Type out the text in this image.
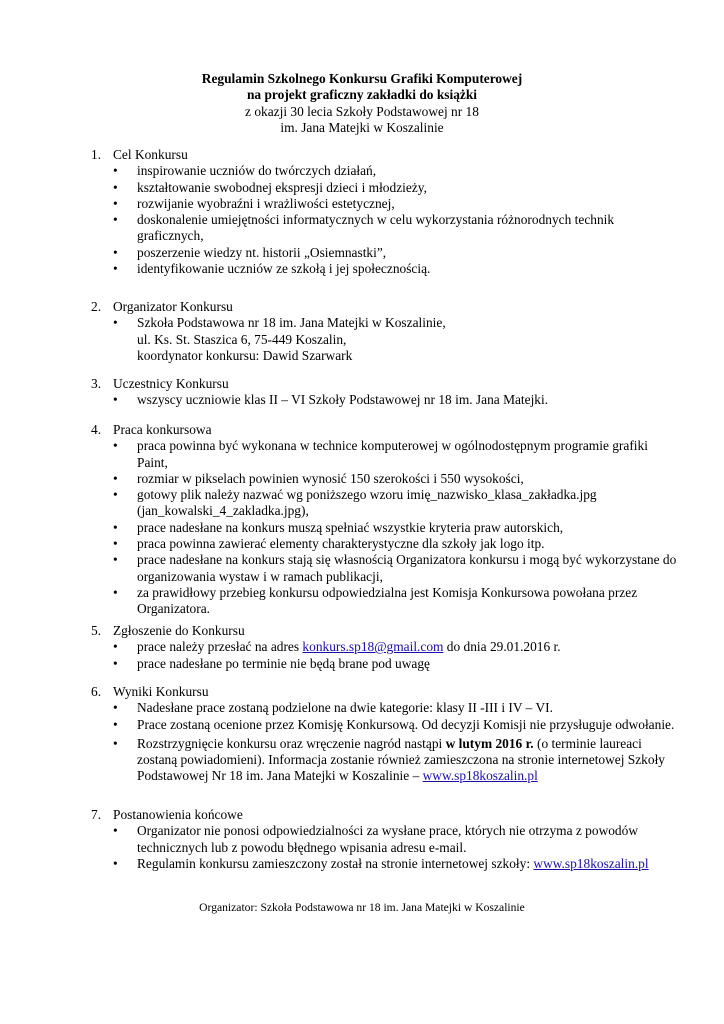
Regulamin Szkolnego Konkursu Grafiki Komputerowej
na projekt graficzny zakładki do książki
z okazji 30 lecia Szkoły Podstawowej nr 18
im. Jana Matejki w Koszalinie
1. Cel Konkursu
• inspirowanie uczniów do twórczych działań,
• kształtowanie swobodnej ekspresji dzieci i młodzieży,
• rozwijanie wyobraźni i wrażliwości estetycznej,
• doskonalenie umiejętności informatycznych w celu wykorzystania różnorodnych technik graficznych,
• poszerzenie wiedzy nt. historii „Osiemnastki”,
• identyfikowanie uczniów ze szkołą i jej społecznością.
2. Organizator Konkursu
• Szkoła Podstawowa nr 18 im. Jana Matejki w Koszalinie,
ul. Ks. St. Staszica 6, 75-449 Koszalin,
koordynator konkursu: Dawid Szarwark
3. Uczestnicy Konkursu
• wszyscy uczniowie klas II – VI Szkoły Podstawowej nr 18 im. Jana Matejki.
4. Praca konkursowa
• praca powinna być wykonana w technice komputerowej w ogólnodostępnym programie grafiki Paint,
• rozmiar w pikselach powinien wynosić 150 szerokości i 550 wysokości,
• gotowy plik należy nazwać wg poniższego wzoru imię_nazwisko_klasa_zakładka.jpg (jan_kowalski_4_zakladka.jpg),
• prace nadesłane na konkurs muszą spełniać wszystkie kryteria praw autorskich,
• praca powinna zawierać elementy charakterystyczne dla szkoły jak logo itp.
• prace nadesłane na konkurs stają się własnością Organizatora konkursu i mogą być wykorzystane do organizowania wystaw i w ramach publikacji,
• za prawidłowy przebieg konkursu odpowiedzialna jest Komisja Konkursowa powołana przez Organizatora.
5. Zgłoszenie do Konkursu
• prace należy przesłać na adres konkurs.sp18@gmail.com do dnia 29.01.2016 r.
• prace nadesłane po terminie nie będą brane pod uwagę
6. Wyniki Konkursu
• Nadesłane prace zostaną podzielone na dwie kategorie: klasy II -III i IV – VI.
• Prace zostaną ocenione przez Komisję Konkursową. Od decyzji Komisji nie przysługuje odwołanie.
• Rozstrzygnięcie konkursu oraz wręczenie nagród nastąpi w lutym 2016 r. (o terminie laureaci zostaną powiadomieni). Informacja zostanie również zamieszczona na stronie internetowej Szkoły Podstawowej Nr 18 im. Jana Matejki w Koszalinie – www.sp18koszalin.pl
7. Postanowienia końcowe
• Organizator nie ponosi odpowiedzialności za wysłane prace, których nie otrzyma z powodów technicznych lub z powodu błędnego wpisania adresu e-mail.
• Regulamin konkursu zamieszczony został na stronie internetowej szkoły: www.sp18koszalin.pl
Organizator: Szkoła Podstawowa nr 18 im. Jana Matejki w Koszalinie
